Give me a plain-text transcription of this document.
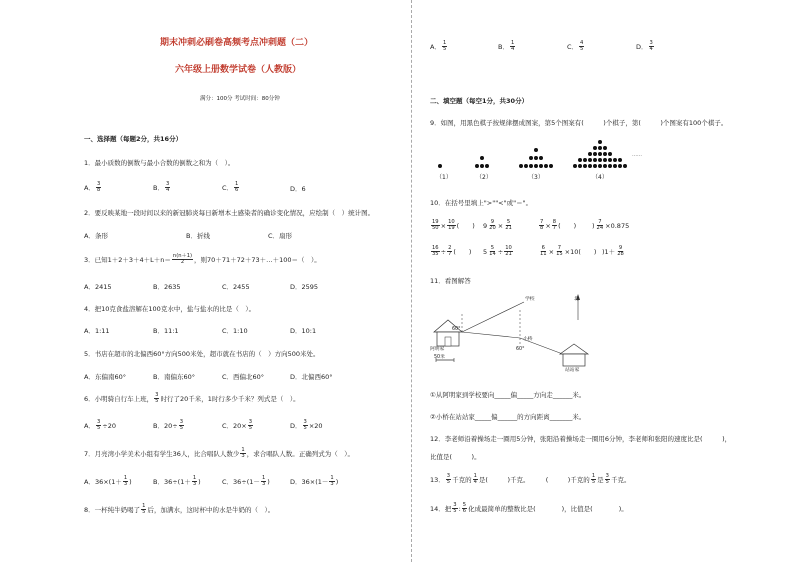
期末冲刺必刷卷高频考点冲刺题（二）
六年级上册数学试卷（人教版）
满分：100分 考试时间：80分钟
一、选择题（每题2分，共16分）
1．最小质数的倒数与最小合数的倒数之和为（　）。
A． $\frac{3}{8}$	B． $\frac{3}{4}$	C． $\frac{1}{6}$	D．6
2．要反映某地一段时间以来的新冠肺炎每日新增本土感染者的确诊变化情况，应绘制（　）统计图。
A．条形	B．折线	C．扇形
3．已知$1+2+3+4+L+n= \frac{n(n+1)}{2}$ ，则70＋71＋72＋73＋…＋100＝（　）。
A．2415	B．2635	C．2455	D．2595
4．把10克食盐溶解在100克水中，盐与盐水的比是（　）。
A．1:11	B．11:1	C．1:10	D．10:1
5．书店在超市的北偏西60°方向500米处，超市就在书店的（　）方向500米处。
A．东偏南60°	B．南偏东60°	C．西偏北60°	D．北偏西60°
6．小明骑自行车上班， $\frac{3}{5}$ 时行了20千米，1时行多少千米？列式是（　）。
A． $\frac{3}{5} \div 20$	B．$20\div \frac{3}{5}$	C．$20\times \frac{3}{5}$	D． $\frac{3}{5} \times 20$
7．月亮湾小学美术小组有学生36人，比合唱队人数少 $\frac{1}{3}$ ，求合唱队人数。正确列式为（　）。
A．$36\times(1+ \frac{1}{3}$ )	B．$36\div(1+ \frac{1}{3}$ )	C．$36\div(1- \frac{1}{3}$ )	D．$36\times(1- \frac{1}{3}$ )
8．一杯纯牛奶喝了 $\frac{1}{5}$ 后，加满水，这时杯中的水是牛奶的（　）。
A． $\frac{1}{5}$	B． $\frac{1}{4}$	C． $\frac{4}{5}$	D． $\frac{3}{4}$
二、填空题（每空1分，共30分）
9．如图，用黑色棋子按规律摆成图案，第5个图案有(　　　)个棋子，第(　　　)个图案有100个棋子。
……
（1）	（2）	（3）	（4）
10．在括号里填上">""<"或"＝"。
$\frac{19}{50} \times \frac{10}{19}$ (　　) $9 \frac{9}{20} \times \frac{5}{21}$	$\frac{7}{8} \times \frac{8}{7}$ (　　) ) $\frac{7}{24} \times 0.875$
$\frac{16}{35} \div \frac{2}{7}$ (　　) $5 \frac{5}{14} \div \frac{10}{21}$	$\frac{6}{11} \times \frac{7}{15} \times 10$(　　) )$1+ \frac{9}{28}$
11．看图解答
学校	北
阿明家
50米
60°
小桥
60°
站站家
①从阿明家到学校要向_____偏_____方向走______米。
②小桥在站站家_____偏______的方向距离_______米。
12．李老师沿着操场走一圈用5分钟，张阳沿着操场走一圈用6分钟，李老师和张阳的速度比是(　　　)，
比值是(　　　)。
13． $\frac{3}{5}$ 千克的 $\frac{1}{4}$ 是(　　　)千克。　　　(　　　)千克的 $\frac{1}{5}$ 是 $\frac{3}{5}$ 千克。
14．把 $\frac{3}{5}$ : $\frac{5}{6}$ 化成最简单的整数比是(　　　　)，比值是(　　　　)。
